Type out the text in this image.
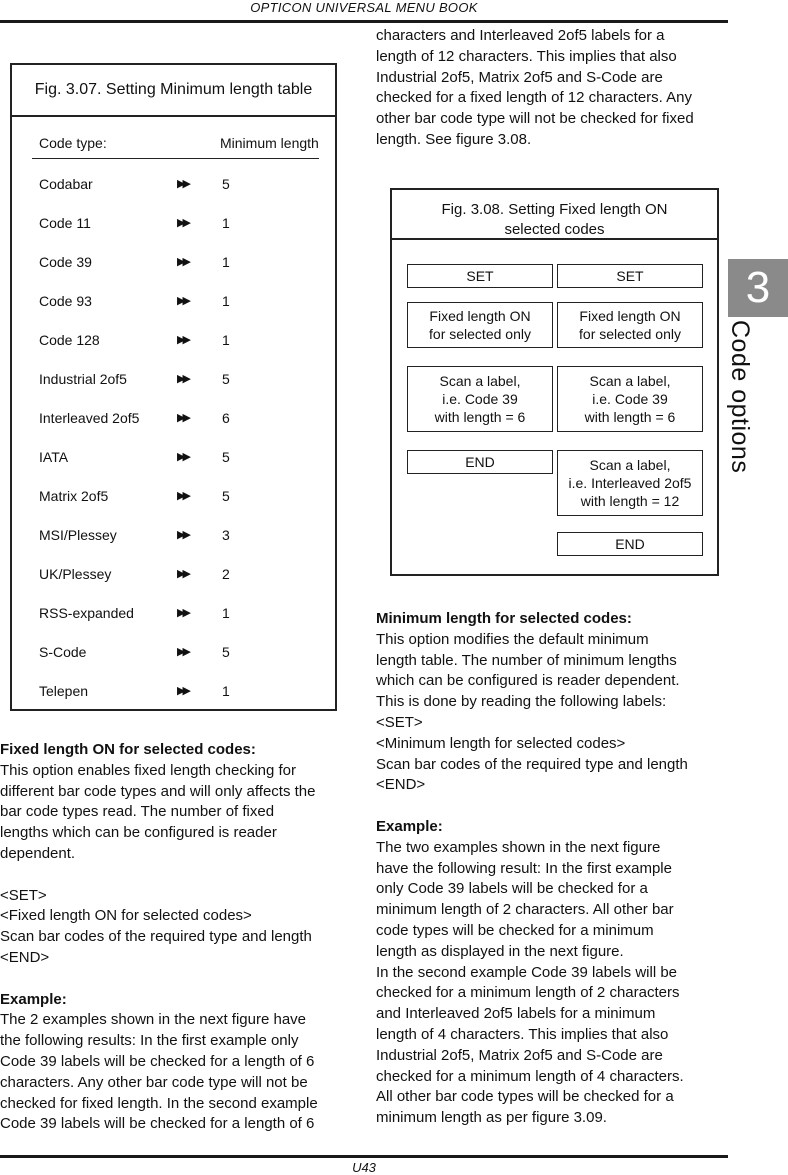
OPTICON UNIVERSAL MENU BOOK

characters and Interleaved 2of5 labels for a

length of 12 characters. This implies that also

Industrial 2of5, Matrix 2of5 and S-Code are

checked for a fixed length of 12 characters. Any

other bar code type will not be checked for fixed

length. See figure 3.08.

Fig. 3.07. Setting Minimum length table
Code type:	Minimum length
Codabar	▶▶ 5
Code 11	▶▶ 1
Code 39	▶▶ 1
Code 93	▶▶ 1
Code 128	▶▶ 1
Industrial 2of5	▶▶ 5
Interleaved 2of5	▶▶ 6
IATA	▶▶ 5
Matrix 2of5	▶▶ 5
MSI/Plessey	▶▶ 3
UK/Plessey	▶▶ 2
RSS-expanded	▶▶ 1
S-Code	▶▶ 5
Telepen	▶▶ 1
Fig. 3.08. Setting Fixed length ON
selected codes
SET
Fixed length ON
for selected only
Scan a label,
i.e. Code 39
with length = 6
END
SET
Fixed length ON
for selected only
Scan a label,
i.e. Code 39
with length = 6
Scan a label,
i.e. Interleaved 2of5
with length = 12
END
3
Code options

Fixed length ON for selected codes:

This option enables fixed length checking for

different bar code types and will only affects the

bar code types read. The number of fixed

lengths which can be configured is reader

dependent.

<SET>

<Fixed length ON for selected codes>

Scan bar codes of the required type and length

<END>

Example:

The 2 examples shown in the next figure have

the following results: In the first example only

Code 39 labels will be checked for a length of 6

characters. Any other bar code type will not be

checked for fixed length. In the second example

Code 39 labels will be checked for a length of 6

Minimum length for selected codes:

This option modifies the default minimum

length table. The number of minimum lengths

which can be configured is reader dependent.

This is done by reading the following labels:

<SET>

<Minimum length for selected codes>

Scan bar codes of the required type and length

<END>

Example:

The two examples shown in the next figure

have the following result: In the first example

only Code 39 labels will be checked for a

minimum length of 2 characters. All other bar

code types will be checked for a minimum

length as displayed in the next figure.

In the second example Code 39 labels will be

checked for a minimum length of 2 characters

and Interleaved 2of5 labels for a minimum

length of 4 characters. This implies that also

Industrial 2of5, Matrix 2of5 and S-Code are

checked for a minimum length of 4 characters.

All other bar code types will be checked for a

minimum length as per figure 3.09.

U43
